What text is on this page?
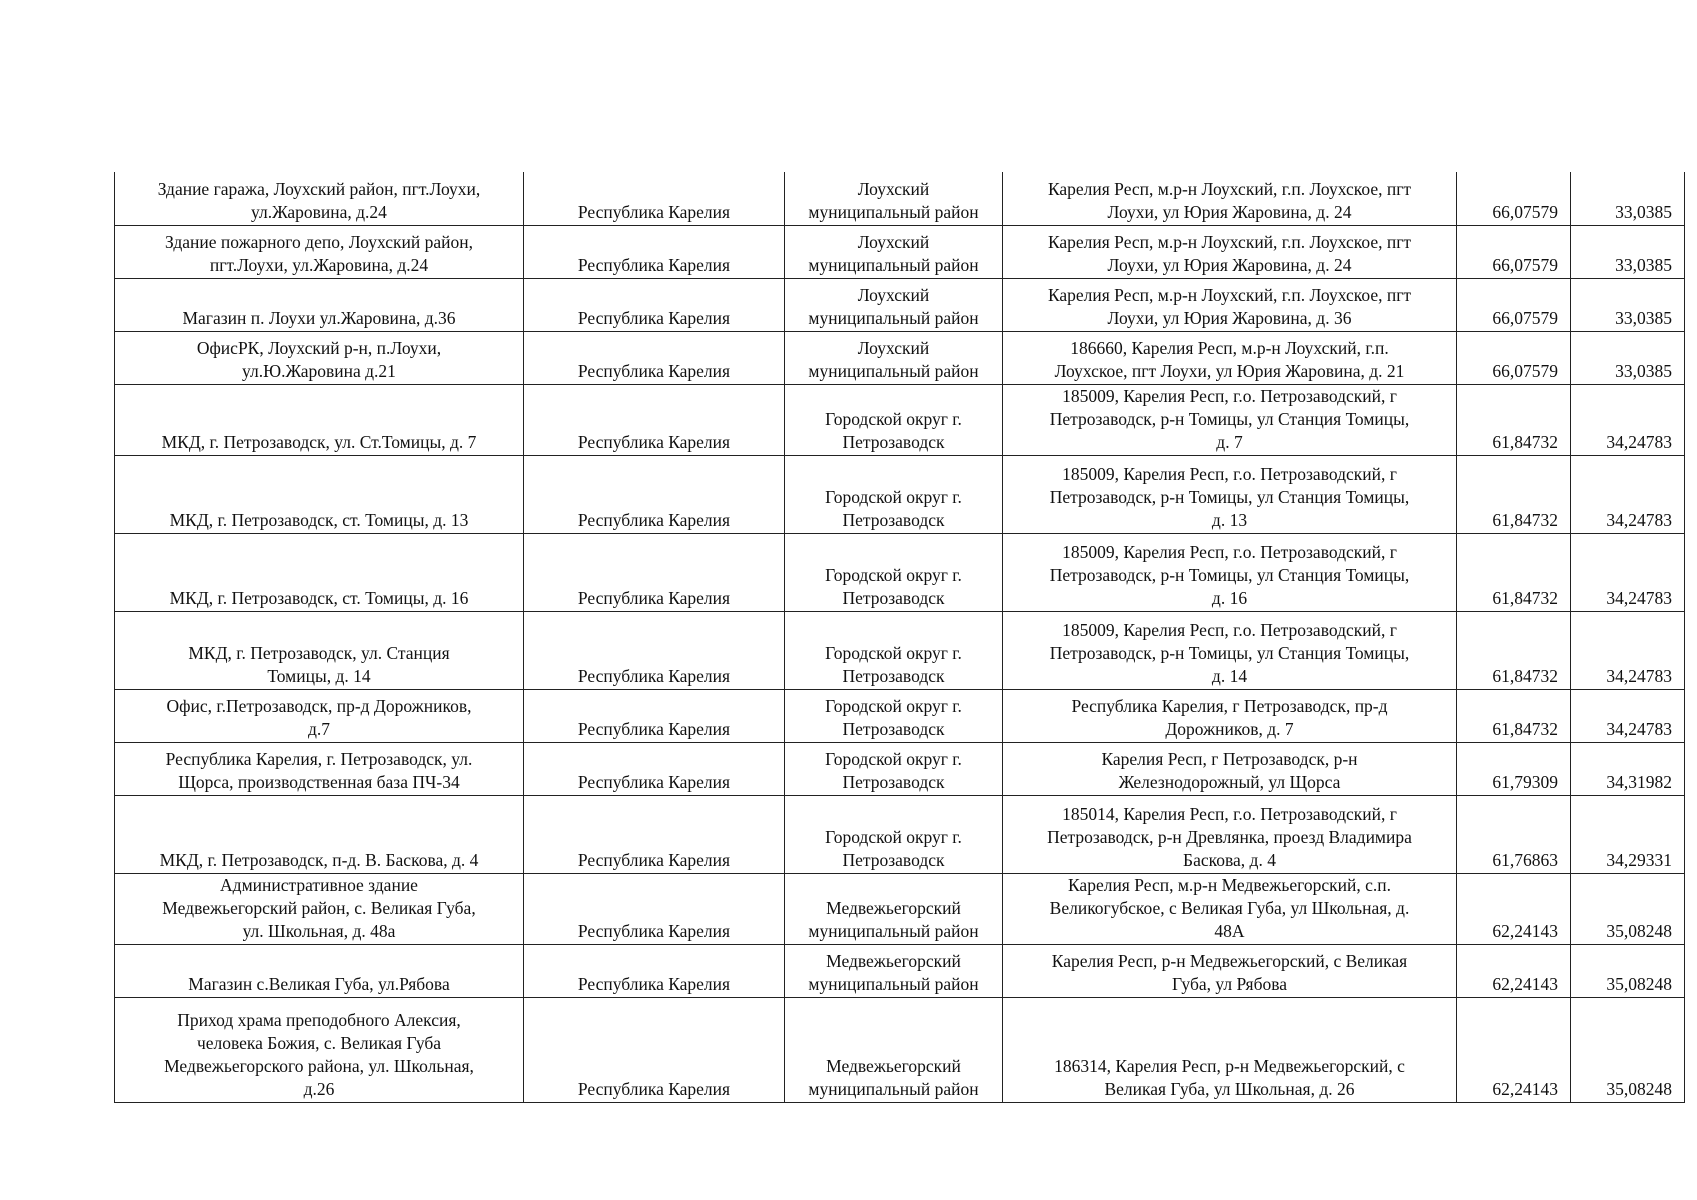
Здание гаража, Лоухский район, пгт.Лоухи,
ул.Жаровина, д.24	Республика Карелия	Лоухский
муниципальный район	Карелия Респ, м.р-н Лоухский, г.п. Лоухское, пгт
Лоухи, ул Юрия Жаровина, д. 24	66,07579	33,0385
Здание пожарного депо, Лоухский район,
пгт.Лоухи, ул.Жаровина, д.24	Республика Карелия	Лоухский
муниципальный район	Карелия Респ, м.р-н Лоухский, г.п. Лоухское, пгт
Лоухи, ул Юрия Жаровина, д. 24	66,07579	33,0385
Магазин п. Лоухи ул.Жаровина, д.36	Республика Карелия	Лоухский
муниципальный район	Карелия Респ, м.р-н Лоухский, г.п. Лоухское, пгт
Лоухи, ул Юрия Жаровина, д. 36	66,07579	33,0385
ОфисРК, Лоухский р-н, п.Лоухи,
ул.Ю.Жаровина д.21	Республика Карелия	Лоухский
муниципальный район	186660, Карелия Респ, м.р-н Лоухский, г.п.
Лоухское, пгт Лоухи, ул Юрия Жаровина, д. 21	66,07579	33,0385
МКД, г. Петрозаводск, ул. Ст.Томицы, д. 7	Республика Карелия	Городской округ г.
Петрозаводск	185009, Карелия Респ, г.о. Петрозаводский, г
Петрозаводск, р-н Томицы, ул Станция Томицы,
д. 7	61,84732	34,24783
МКД, г. Петрозаводск, ст. Томицы, д. 13	Республика Карелия	Городской округ г.
Петрозаводск	185009, Карелия Респ, г.о. Петрозаводский, г
Петрозаводск, р-н Томицы, ул Станция Томицы,
д. 13	61,84732	34,24783
МКД, г. Петрозаводск, ст. Томицы, д. 16	Республика Карелия	Городской округ г.
Петрозаводск	185009, Карелия Респ, г.о. Петрозаводский, г
Петрозаводск, р-н Томицы, ул Станция Томицы,
д. 16	61,84732	34,24783
МКД, г. Петрозаводск, ул. Станция
Томицы, д. 14	Республика Карелия	Городской округ г.
Петрозаводск	185009, Карелия Респ, г.о. Петрозаводский, г
Петрозаводск, р-н Томицы, ул Станция Томицы,
д. 14	61,84732	34,24783
Офис, г.Петрозаводск, пр-д Дорожников,
д.7	Республика Карелия	Городской округ г.
Петрозаводск	Республика Карелия, г Петрозаводск, пр-д
Дорожников, д. 7	61,84732	34,24783
Республика Карелия, г. Петрозаводск, ул.
Щорса, производственная база ПЧ-34	Республика Карелия	Городской округ г.
Петрозаводск	Карелия Респ, г Петрозаводск, р-н
Железнодорожный, ул Щорса	61,79309	34,31982
МКД, г. Петрозаводск, п-д. В. Баскова, д. 4	Республика Карелия	Городской округ г.
Петрозаводск	185014, Карелия Респ, г.о. Петрозаводский, г
Петрозаводск, р-н Древлянка, проезд Владимира
Баскова, д. 4	61,76863	34,29331
Административное здание
Медвежьегорский район, с. Великая Губа,
ул. Школьная, д. 48а	Республика Карелия	Медвежьегорский
муниципальный район	Карелия Респ, м.р-н Медвежьегорский, с.п.
Великогубское, с Великая Губа, ул Школьная, д.
48А	62,24143	35,08248
Магазин с.Великая Губа, ул.Рябова	Республика Карелия	Медвежьегорский
муниципальный район	Карелия Респ, р-н Медвежьегорский, с Великая
Губа, ул Рябова	62,24143	35,08248
Приход храма преподобного Алексия,
человека Божия, с. Великая Губа
Медвежьегорского района, ул. Школьная,
д.26	Республика Карелия	Медвежьегорский
муниципальный район	186314, Карелия Респ, р-н Медвежьегорский, с
Великая Губа, ул Школьная, д. 26	62,24143	35,08248
